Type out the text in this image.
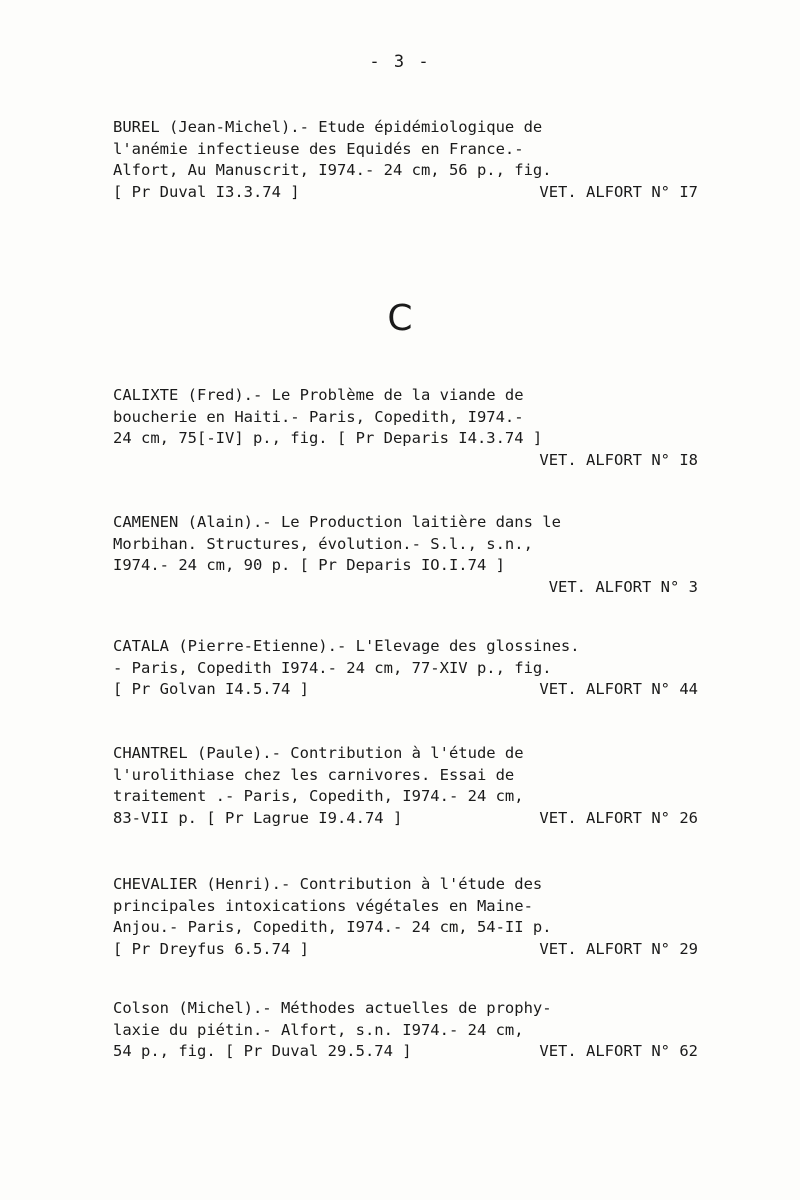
- 3 -
BUREL (Jean-Michel).- Etude épidémiologique de
l'anémie infectieuse des Equidés en France.-
Alfort, Au Manuscrit, I974.- 24 cm, 56 p., fig.
[ Pr Duval I3.3.74 ]	VET. ALFORT N° I7
C
CALIXTE (Fred).- Le Problème de la viande de
boucherie en Haiti.- Paris, Copedith, I974.-
24 cm, 75[-IV] p., fig. [ Pr Deparis I4.3.74 ]
VET. ALFORT N° I8
CAMENEN (Alain).- Le Production laitière dans le
Morbihan. Structures, évolution.- S.l., s.n.,
I974.- 24 cm, 90 p. [ Pr Deparis IO.I.74 ]
VET. ALFORT N° 3
CATALA (Pierre-Etienne).- L'Elevage des glossines.
- Paris, Copedith I974.- 24 cm, 77-XIV p., fig.
[ Pr Golvan I4.5.74 ]	VET. ALFORT N° 44
CHANTREL (Paule).- Contribution à l'étude de
l'urolithiase chez les carnivores. Essai de
traitement .- Paris, Copedith, I974.- 24 cm,
83-VII p. [ Pr Lagrue I9.4.74 ]	VET. ALFORT N° 26
CHEVALIER (Henri).- Contribution à l'étude des
principales intoxications végétales en Maine-
Anjou.- Paris, Copedith, I974.- 24 cm, 54-II p.
[ Pr Dreyfus 6.5.74 ]	VET. ALFORT N° 29
Colson (Michel).- Méthodes actuelles de prophy-
laxie du piétin.- Alfort, s.n. I974.- 24 cm,
54 p., fig. [ Pr Duval 29.5.74 ]	VET. ALFORT N° 62
